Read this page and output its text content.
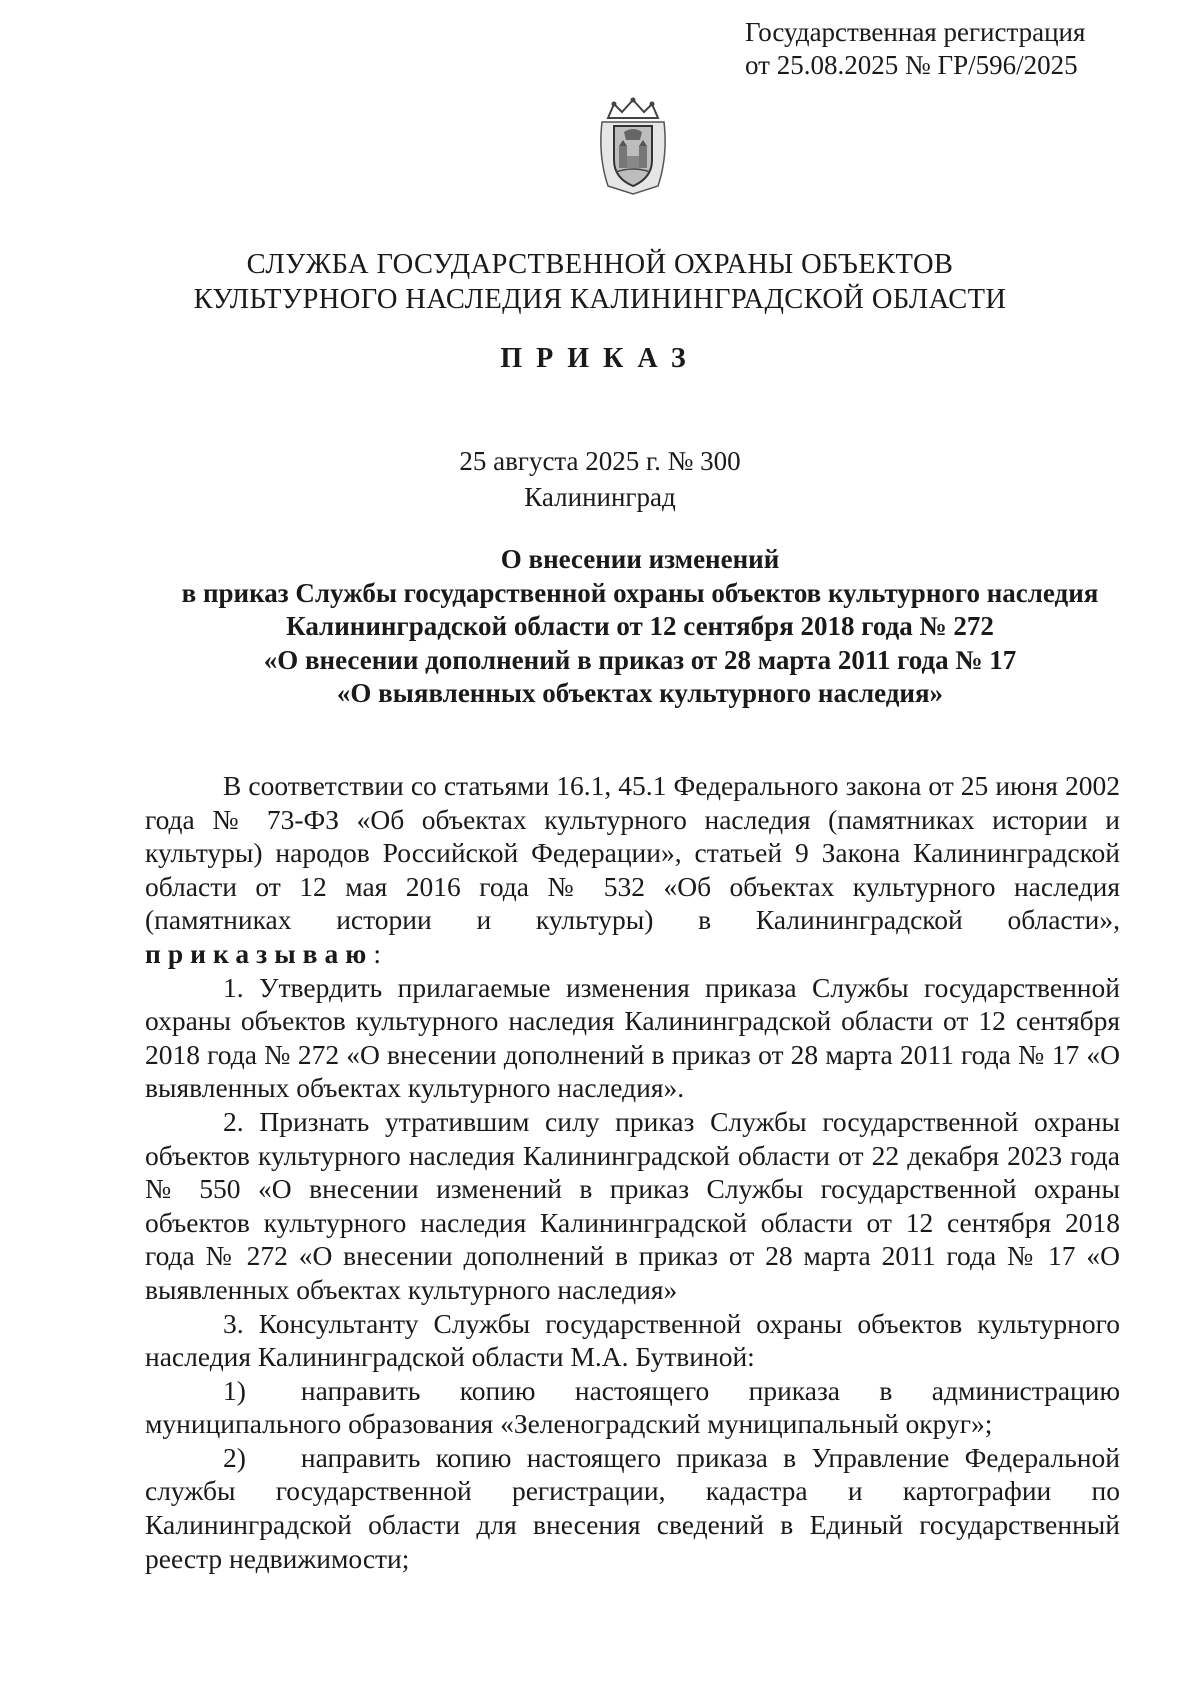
Государственная регистрация
от 25.08.2025 № ГР/596/2025
СЛУЖБА ГОСУДАРСТВЕННОЙ ОХРАНЫ ОБЪЕКТОВ
КУЛЬТУРНОГО НАСЛЕДИЯ КАЛИНИНГРАДСКОЙ ОБЛАСТИ
ПРИКАЗ
25 августа 2025 г. № 300
Калининград
О внесении изменений
в приказ Службы государственной охраны объектов культурного наследия
Калининградской области от 12 сентября 2018 года № 272
«О внесении дополнений в приказ от 28 марта 2011 года № 17
«О выявленных объектах культурного наследия»

В соответствии со статьями 16.1, 45.1 Федерального закона от 25 июня 2002 года № 73-ФЗ «Об объектах культурного наследия (памятниках истории и культуры) народов Российской Федерации», статьей 9 Закона Калининградской области от 12 мая 2016 года № 532 «Об объектах культурного наследия (памятниках истории и культуры) в Калининградской области», приказываю:

1. Утвердить прилагаемые изменения приказа Службы государственной охраны объектов культурного наследия Калининградской области от 12 сентября 2018 года № 272 «О внесении дополнений в приказ от 28 марта 2011 года № 17 «О выявленных объектах культурного наследия».

2. Признать утратившим силу приказ Службы государственной охраны объектов культурного наследия Калининградской области от 22 декабря 2023 года № 550 «О внесении изменений в приказ Службы государственной охраны объектов культурного наследия Калининградской области от 12 сентября 2018 года № 272 «О внесении дополнений в приказ от 28 марта 2011 года № 17 «О выявленных объектах культурного наследия»

3. Консультанту Службы государственной охраны объектов культурного наследия Калининградской области М.А. Бутвиной:

1)  направить копию настоящего приказа в администрацию муниципального образования «Зеленоградский муниципальный округ»;

2)  направить копию настоящего приказа в Управление Федеральной службы государственной регистрации, кадастра и картографии по Калининградской области для внесения сведений в Единый государственный реестр недвижимости;
